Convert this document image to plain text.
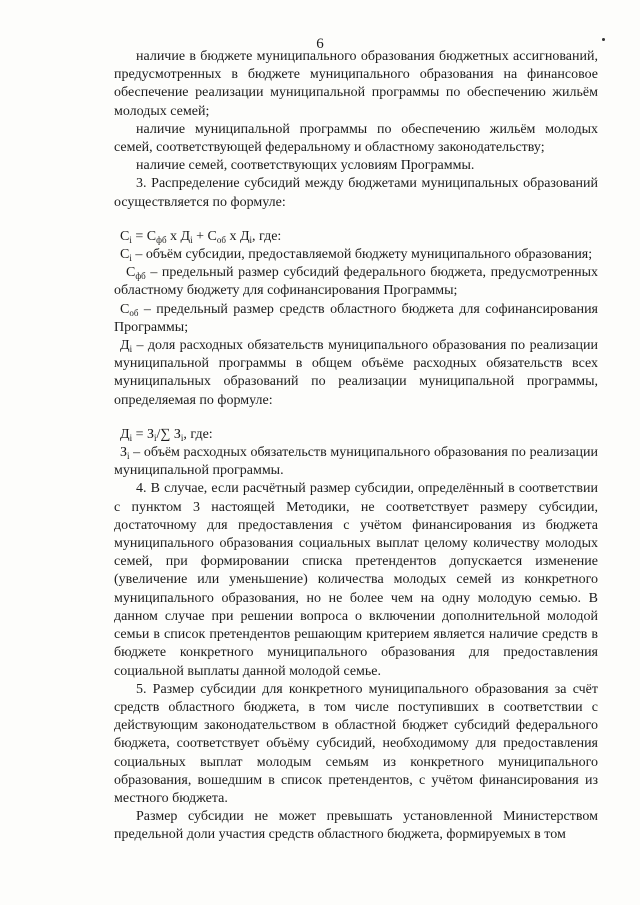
6

наличие в бюджете муниципального образования бюджетных ассигнований, предусмотренных в бюджете муниципального образования на финансовое обеспечение реализации муниципальной программы по обеспечению жильём молодых семей;

наличие муниципальной программы по обеспечению жильём молодых семей, соответствующей федеральному и областному законодательству;

наличие семей, соответствующих условиям Программы.

3. Распределение субсидий между бюджетами муниципальных образований осуществляется по формуле:

$С_i = С_{фб}$ х $Д_i + С_{об}$ х $Д_i$, где:

$С_i$ – объём субсидии, предоставляемой бюджету муниципального образования;

$С_{фб}$ – предельный размер субсидий федерального бюджета, предусмотренных областному бюджету для софинансирования Программы;

$С_{об}$ – предельный размер средств областного бюджета для софинансирования Программы;

$Д_i$ – доля расходных обязательств муниципального образования по реализации муниципальной программы в общем объёме расходных обязательств всех муниципальных образований по реализации муниципальной программы, определяемая по формуле:

$Д_i = З_i/\sum$ $З_i$, где:

$З_i$ – объём расходных обязательств муниципального образования по реализации муниципальной программы.

4. В случае, если расчётный размер субсидии, определённый в соответствии с пунктом 3 настоящей Методики, не соответствует размеру субсидии, достаточному для предоставления с учётом финансирования из бюджета муниципального образования социальных выплат целому количеству молодых семей, при формировании списка претендентов допускается изменение (увеличение или уменьшение) количества молодых семей из конкретного муниципального образования, но не более чем на одну молодую семью. В данном случае при решении вопроса о включении дополнительной молодой семьи в список претендентов решающим критерием является наличие средств в бюджете конкретного муниципального образования для предоставления социальной выплаты данной молодой семье.

5. Размер субсидии для конкретного муниципального образования за счёт средств областного бюджета, в том числе поступивших в соответствии с действующим законодательством в областной бюджет субсидий федерального бюджета, соответствует объёму субсидий, необходимому для предоставления социальных выплат молодым семьям из конкретного муниципального образования, вошедшим в список претендентов, с учётом финансирования из местного бюджета.

Размер субсидии не может превышать установленной Министерством предельной доли участия средств областного бюджета, формируемых в том
